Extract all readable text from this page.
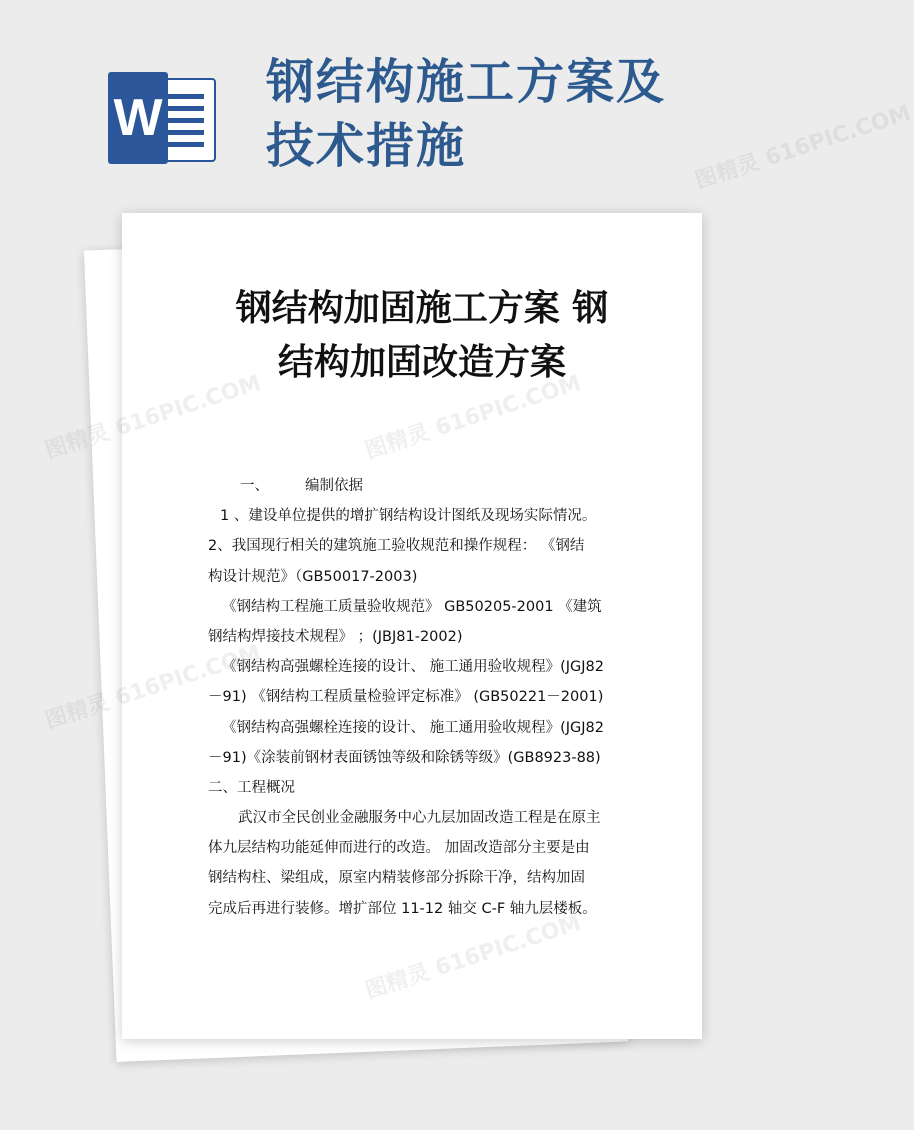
W
钢结构施工方案及
技术措施
钢结构加固施工方案 钢
结构加固改造方案
一、 编制依据
1 、建设单位提供的增扩钢结构设计图纸及现场实际情况。
2、我国现行相关的建筑施工验收规范和操作规程： 《钢结
构设计规范》（GB50017-2003)
《钢结构工程施工质量验收规范》 GB50205-2001 《建筑
钢结构焊接技术规程》 ；(JBJ81-2002)
《钢结构高强螺栓连接的设计、 施工通用验收规程》(JGJ82
－91) 《钢结构工程质量检验评定标准》 (GB50221－2001)
《钢结构高强螺栓连接的设计、 施工通用验收规程》(JGJ82
－91)《涂装前钢材表面锈蚀等级和除锈等级》(GB8923-88)
二、工程概况
武汉市全民创业金融服务中心九层加固改造工程是在原主
体九层结构功能延伸而进行的改造。 加固改造部分主要是由
钢结构柱、梁组成，原室内精装修部分拆除干净，结构加固
完成后再进行装修。增扩部位 11-12 轴交 C-F 轴九层楼板。
图精灵 616PIC.COM
图精灵
图精灵
